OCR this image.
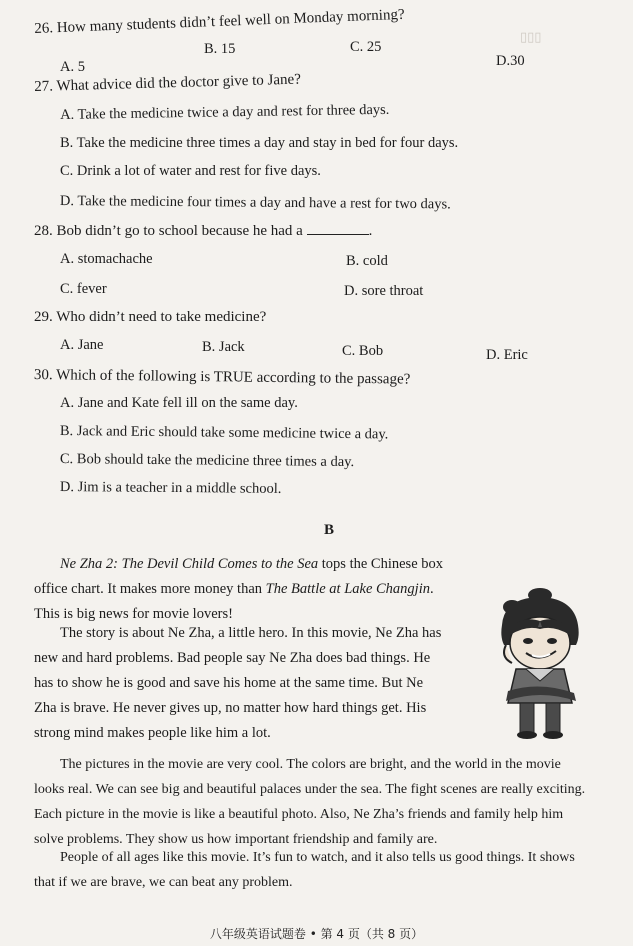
▯▯▯
26. How many students didn’t feel well on Monday morning?
A. 5
B. 15	C. 25
D.30
27. What advice did the doctor give to Jane?
A. Take the medicine twice a day and rest for three days.
B. Take the medicine three times a day and stay in bed for four days.
C. Drink a lot of water and rest for five days.
D. Take the medicine four times a day and have a rest for two days.
28. Bob didn’t go to school because he had a	.
A. stomachache	B. cold
C. fever	D. sore throat
29. Who didn’t need to take medicine?
A. Jane	B. Jack	C. Bob	D. Eric
30. Which of the following is TRUE according to the passage?
A. Jane and Kate fell ill on the same day.
B. Jack and Eric should take some medicine twice a day.
C. Bob should take the medicine three times a day.
D. Jim is a teacher in a middle school.
B
Ne Zha 2: The Devil Child Comes to the Sea tops the Chinese box
office chart. It makes more money than The Battle at Lake Changjin.
This is big news for movie lovers!
The story is about Ne Zha, a little hero. In this movie, Ne Zha has
new and hard problems. Bad people say Ne Zha does bad things. He
has to show he is good and save his home at the same time. But Ne
Zha is brave. He never gives up, no matter how hard things get. His
strong mind makes people like him a lot.
The pictures in the movie are very cool. The colors are bright, and the world in the movie
looks real. We can see big and beautiful palaces under the sea. The fight scenes are really exciting.
Each picture in the movie is like a beautiful photo. Also, Ne Zha’s friends and family help him
solve problems. They show us how important friendship and family are.
People of all ages like this movie. It’s fun to watch, and it also tells us good things. It shows
that if we are brave, we can beat any problem.
八年级英语试题卷 • 第 4 页（共 8 页）
